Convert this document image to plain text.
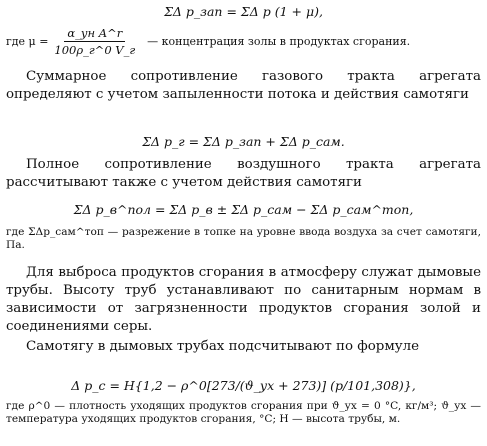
ΣΔ p_зап = ΣΔ p (1 + μ),
где $\mu = \frac{\text{α\_ун A\textasciicircum{}r}}{100\rho\_г\^{}0 V\_г}$ — концентрация золы в продуктах сгорания.

Суммарное сопротивление газового тракта агрегата определяют с учетом запыленности потока и действия самотяги

ΣΔ p_г = ΣΔ p_зап + ΣΔ p_сам.

Полное сопротивление воздушного тракта агрегата рассчитывают также с учетом действия самотяги

ΣΔ p_в^пол = ΣΔ p_в ± ΣΔ p_сам − ΣΔ p_сам^топ,

где ΣΔp_сам^топ — разрежение в топке на уровне ввода воздуха за счет самотяги, Па.

Для выброса продуктов сгорания в атмосферу служат дымовые трубы. Высоту труб устанавливают по санитарным нормам в зависимости от загрязненности продуктов сгорания золой и соединениями серы.

Самотягу в дымовых трубах подсчитывают по формуле

Δ p_с = H{1,2 − ρ^0[273/(ϑ_ух + 273)] (p/101,308)},

где ρ^0 — плотность уходящих продуктов сгорания при ϑ_ух = 0 °C, кг/м³; ϑ_ух — температура уходящих продуктов сгорания, °C; H — высота трубы, м.
